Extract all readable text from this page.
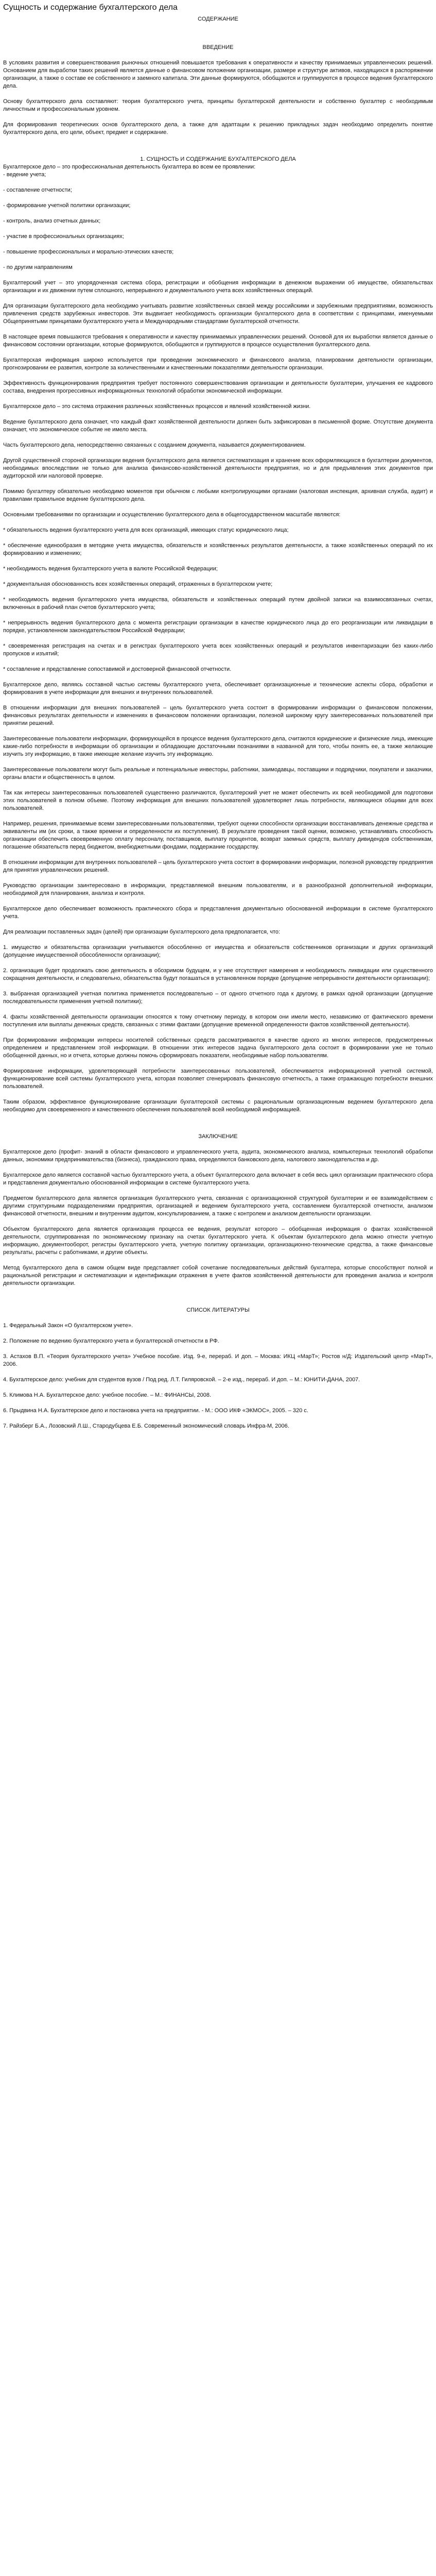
Сущность и содержание бухгалтерского дела

СОДЕРЖАНИЕ

ВВЕДЕНИЕ

В условиях развития и совершенствования рыночных отношений повышается требования к оперативности и качеству принимаемых управленческих решений. Основанием для выработки таких решений является данные о финансовом положении организации, размере и структуре активов, находящихся в распоряжении организации, а также о составе ее собственного и заемного капитала. Эти данные формируются, обобщаются и группируются в процессе ведения бухгалтерского дела.

Основу бухгалтерского дела составляют: теория бухгалтерского учета, принципы бухгалтерской деятельности и собственно бухгалтер с необходимым личностным и профессиональным уровнем.

Для формирования теоретических основ бухгалтерского дела, а также для адаптации к решению прикладных задач необходимо определить понятие бухгалтерского дела, его цели, объект, предмет и содержание.

1. СУЩНОСТЬ И СОДЕРЖАНИЕ БУХГАЛТЕРСКОГО ДЕЛА

Бухгалтерское дело – это профессиональная деятельность бухгалтера во всем ее проявлении:

- ведение учета;

- составление отчетности;

- формирование учетной политики организации;

- контроль, анализ отчетных данных;

- участие в профессиональных организациях;

- повышение профессиональных и морально-этических качеств;

- по другим направлениям

Бухгалтерский учет – это упорядоченная система сбора, регистрации и обобщения информации в денежном выражении об имуществе, обязательствах организации и их движении путем сплошного, непрерывного и документального учета всех хозяйственных операций.

Для организации бухгалтерского дела необходимо учитывать развитие хозяйственных связей между российскими и зарубежными предприятиями, возможность привлечения средств зарубежных инвесторов. Эти выдвигает необходимость организации бухгалтерского дела в соответствии с принципами, именуемыми Общепринятыми принципами бухгалтерского учета и Международными стандартами бухгалтерской отчетности.

В настоящее время повышаются требования к оперативности и качеству принимаемых управленческих решений. Основой для их выработки является данные о финансовом состоянии организации, которые формируются, обобщаются и группируются в процессе осуществления бухгалтерского дела.

Бухгалтерская информация широко используется при проведении экономического и финансового анализа, планировании деятельности организации, прогнозировании ее развития, контроле за количественными и качественными показателями деятельности организации.

Эффективность функционирования предприятия требует постоянного совершенствования организации и деятельности бухгалтерии, улучшения ее кадрового состава, внедрения прогрессивных информационных технологий обработки экономической информации.

Бухгалтерское дело – это система отражения различных хозяйственных процессов и явлений хозяйственной жизни.

Ведение бухгалтерского дела означает, что каждый факт хозяйственной деятельности должен быть зафиксирован в письменной форме. Отсутствие документа означает, что экономическое событие не имело места.

Часть бухгалтерского дела, непосредственно связанных с созданием документа, называется документированием.

Другой существенной стороной организации ведения бухгалтерского дела является систематизация и хранение всех оформляющихся в бухгалтерии документов, необходимых впоследствии не только для анализа финансово-хозяйственной деятельности предприятия, но и для предъявления этих документов при аудиторской или налоговой проверке.

Помимо бухгалтеру обязательно необходимо моментов при обычном с любыми контролирующими органами (налоговая инспекция, архивная служба, аудит) и правилами правильное ведение бухгалтерского дела.

Основными требованиями по организации и осуществлению бухгалтерского дела в общегосударственном масштабе являются:

* обязательность ведения бухгалтерского учета для всех организаций, имеющих статус юридического лица;

* обеспечение единообразия в методике учета имущества, обязательств и хозяйственных результатов деятельности, а также хозяйственных операций по их формированию и изменению;

* необходимость ведения бухгалтерского учета в валюте Российской Федерации;

* документальная обоснованность всех хозяйственных операций, отраженных в бухгалтерском учете;

* необходимость ведения бухгалтерского учета имущества, обязательств и хозяйственных операций путем двойной записи на взаимосвязанных счетах, включенных в рабочий план счетов бухгалтерского учета;

* непрерывность ведения бухгалтерского дела с момента регистрации организации в качестве юридического лица до его реорганизации или ликвидации в порядке, установленном законодательством Российской Федерации;

* своевременная регистрация на счетах и в регистрах бухгалтерского учета всех хозяйственных операций и результатов инвентаризации без каких-либо пропусков и изъятий;

* составление и представление сопоставимой и достоверной финансовой отчетности.

Бухгалтерское дело, являясь составной частью системы бухгалтерского учета, обеспечивает организационные и технические аспекты сбора, обработки и формирования в учете информации для внешних и внутренних пользователей.

В отношении информации для внешних пользователей – цель бухгалтерского учета состоит в формировании информации о финансовом положении, финансовых результатах деятельности и изменениях в финансовом положении организации, полезной широкому кругу заинтересованных пользователей при принятии решений.

Заинтересованные пользователи информации, формирующейся в процессе ведения бухгалтерского дела, считаются юридические и физические лица, имеющие какие-либо потребности в информации об организации и обладающие достаточными познаниями в названной для того, чтобы понять ее, а также желающие изучить эту информацию, в также имеющие желание изучить эту информацию.

Заинтересованные пользователи могут быть реальные и потенциальные инвесторы, работники, заимодавцы, поставщики и подрядчики, покупатели и заказчики, органы власти и общественность в целом.

Так как интересы заинтересованных пользователей существенно различаются, бухгалтерский учет не может обеспечить их всей необходимой для подготовки этих пользователей в полном объеме. Поэтому информация для внешних пользователей удовлетворяет лишь потребности, являющиеся общими для всех пользователей.

Например, решения, принимаемые всеми заинтересованными пользователями, требуют оценки способности организации восстанавливать денежные средства и эквиваленты им (их сроки, а также времени и определенности их поступления). В результате проведения такой оценки, возможно, устанавливать способность организации обеспечить своевременную оплату персоналу, поставщиков, выплату процентов, возврат заемных средств, выплату дивидендов собственникам, погашение обязательств перед бюджетом, внебюджетными фондами, поддержание государству.

В отношении информации для внутренних пользователей – цель бухгалтерского учета состоит в формировании информации, полезной руководству предприятия для принятия управленческих решений.

Руководство организации заинтересовано в информации, представляемой внешним пользователям, и в разнообразной дополнительной информации, необходимой для планирования, анализа и контроля.

Бухгалтерское дело обеспечивает возможность практического сбора и представления документально обоснованной информации в системе бухгалтерского учета.

Для реализации поставленных задач (целей) при организации бухгалтерского дела предполагается, что:

1. имущество и обязательства организации учитываются обособленно от имущества и обязательств собственников организации и других организаций (допущение имущественной обособленности организации);

2. организация будет продолжать свою деятельность в обозримом будущем, и у нее отсутствуют намерения и необходимость ликвидации или существенного сокращения деятельности, и следовательно, обязательства будут погашаться в установленном порядке (допущение непрерывности деятельности организации);

3. выбранная организацией учетная политика применяется последовательно – от одного отчетного года к другому, в рамках одной организации (допущение последовательности применения учетной политики);

4. факты хозяйственной деятельности организации относятся к тому отчетному периоду, в котором они имели место, независимо от фактического времени поступления или выплаты денежных средств, связанных с этими фактами (допущение временной определенности фактов хозяйственной деятельности).

При формировании информации интересы носителей собственных средств рассматриваются в качестве одного из многих интересов, предусмотренных определением и представлением этой информации. В отношении этих интересов задача бухгалтерского дела состоит в формировании уже не только обобщенной данных, но и отчета, которые должны помочь сформировать показатели, необходимые набор пользователям.

Формирование информации, удовлетворяющей потребности заинтересованных пользователей, обеспечивается информационной учетной системой, функционирование всей системы бухгалтерского учета, которая позволяет сгенерировать финансовую отчетность, а также отражающую потребности внешних пользователей.

Таким образом, эффективное функционирование организации бухгалтерской системы с рациональным организационным ведением бухгалтерского дела необходимо для своевременного и качественного обеспечения пользователей всей необходимой информацией.

ЗАКЛЮЧЕНИЕ

Бухгалтерское дело (профит- знаний в области финансового и управленческого учета, аудита, экономического анализа, компьютерных технологий обработки данных, экономики предпринимательства (бизнеса), гражданского права, определяются банковского дела, налогового законодательства и др.

Бухгалтерское дело является составной частью бухгалтерского учета, а объект бухгалтерского дела включает в себя весь цикл организации практического сбора и представления документально обоснованной информации в системе бухгалтерского учета.

Предметом бухгалтерского дела является организация бухгалтерского учета, связанная с организационной структурой бухгалтерии и ее взаимодействием с другими структурными подразделениями предприятия, организацией и ведением бухгалтерского учета, составлением бухгалтерской отчетности, анализом финансовой отчетности, внешним и внутренним аудитом, консультированием, а также с контролем и анализом деятельности организации.

Объектом бухгалтерского дела является организация процесса ее ведения, результат которого – обобщенная информация о фактах хозяйственной деятельности, сгруппированная по экономическому признаку на счетах бухгалтерского учета. К объектам бухгалтерского дела можно отнести учетную информацию, документооборот, регистры бухгалтерского учета, учетную политику организации, организационно-технические средства, а также финансовые результаты, расчеты с работниками, и другие объекты.

Метод бухгалтерского дела в самом общем виде представляет собой сочетание последовательных действий бухгалтера, которые способствуют полной и рациональной регистрации и систематизации и идентификации отражения в учете фактов хозяйственной деятельности для проведения анализа и контроля деятельности организации.

СПИСОК ЛИТЕРАТУРЫ

1. Федеральный Закон «О бухгалтерском учете».

2. Положение по ведению бухгалтерского учета и бухгалтерской отчетности в РФ.

3. Астахов В.П. «Теория бухгалтерского учета» Учебное пособие. Изд. 9-е, перераб. И доп. – Москва: ИКЦ «МарТ»; Ростов н/Д: Издательский центр «МарТ», 2006.

4. Бухгалтерское дело: учебник для студентов вузов / Под ред. Л.Т. Гиляровской. – 2-е изд., перераб. И доп. – М.: ЮНИТИ-ДАНА, 2007.

5. Климова Н.А. Бухгалтерское дело: учебное пособие. – М.: ФИНАНСЫ, 2008.

6. Прыдвина Н.А. Бухгалтерское дело и постановка учета на предприятии. - М.: ООО ИКФ «ЭКМОС», 2005. – 320 с.

7. Райзберг Б.А., Лозовский Л.Ш., Стародубцева Е.Б. Современный экономический словарь Инфра-М, 2006.
